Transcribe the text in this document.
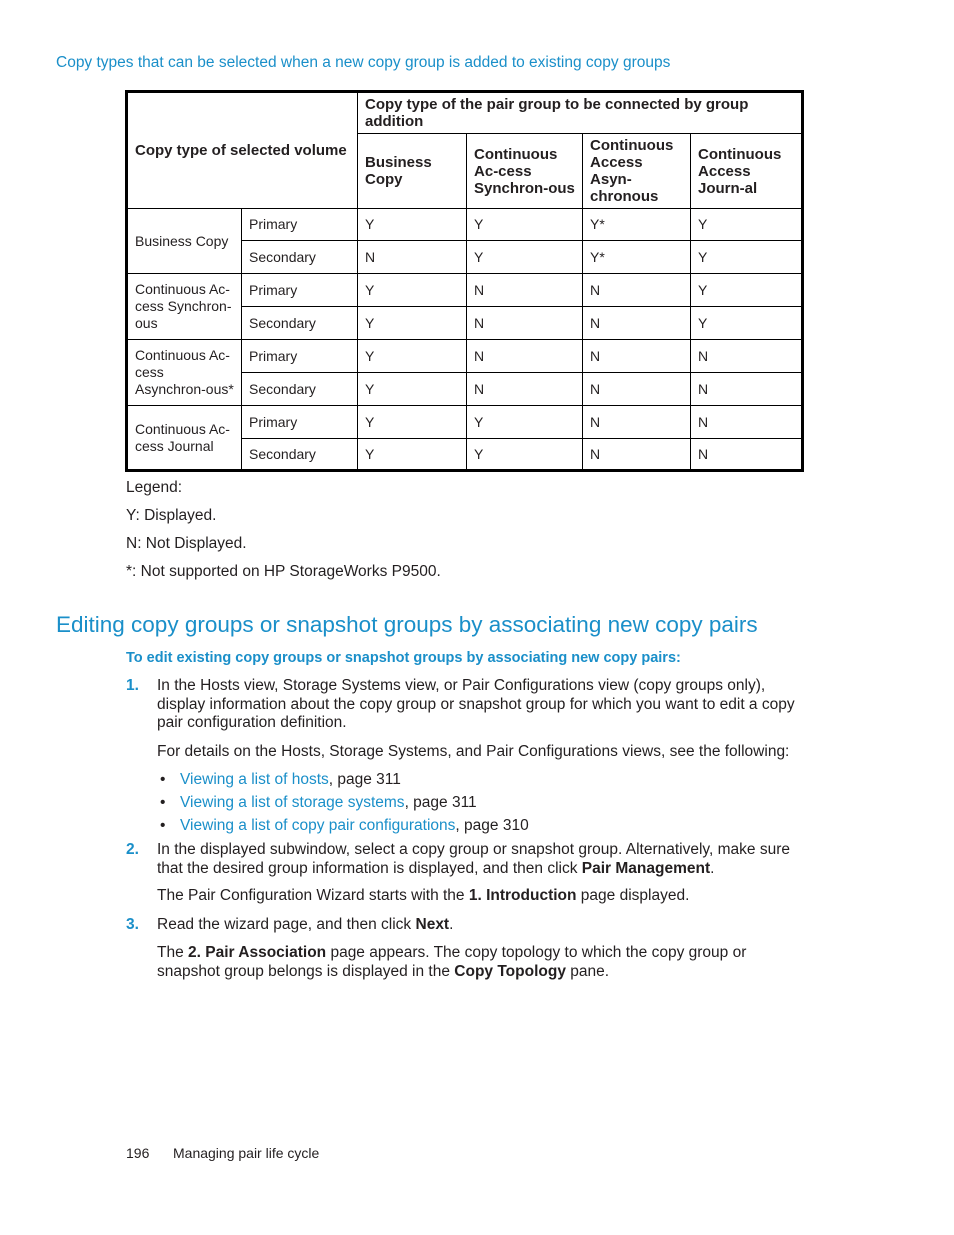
Copy types that can be selected when a new copy group is added to existing copy groups
Copy type of selected volume		Copy type of the pair group to be connected by group addition			
		Business Copy	Continuous Ac-cess Synchron-ous	Continuous Access Asyn-chronous	Continuous Access Journ-al
Business Copy	Primary	Y	Y	Y*	Y
	Secondary	N	Y	Y*	Y
Continuous Ac-cess Synchron-ous	Primary	Y	N	N	Y
	Secondary	Y	N	N	Y
Continuous Ac-cess Asynchron-ous*	Primary	Y	N	N	N
	Secondary	Y	N	N	N
Continuous Ac-cess Journal	Primary	Y	Y	N	N
	Secondary	Y	Y	N	N
Legend:
Y: Displayed.
N: Not Displayed.
*: Not supported on HP StorageWorks P9500.
Editing copy groups or snapshot groups by associating new copy pairs
To edit existing copy groups or snapshot groups by associating new copy pairs:
1. In the Hosts view, Storage Systems view, or Pair Configurations view (copy groups only), display information about the copy group or snapshot group for which you want to edit a copy pair configuration definition.
For details on the Hosts, Storage Systems, and Pair Configurations views, see the following:
• Viewing a list of hosts, page 311
• Viewing a list of storage systems, page 311
• Viewing a list of copy pair configurations, page 310
2. In the displayed subwindow, select a copy group or snapshot group. Alternatively, make sure that the desired group information is displayed, and then click Pair Management.
The Pair Configuration Wizard starts with the 1. Introduction page displayed.
3. Read the wizard page, and then click Next.
The 2. Pair Association page appears. The copy topology to which the copy group or snapshot group belongs is displayed in the Copy Topology pane.
196 Managing pair life cycle
